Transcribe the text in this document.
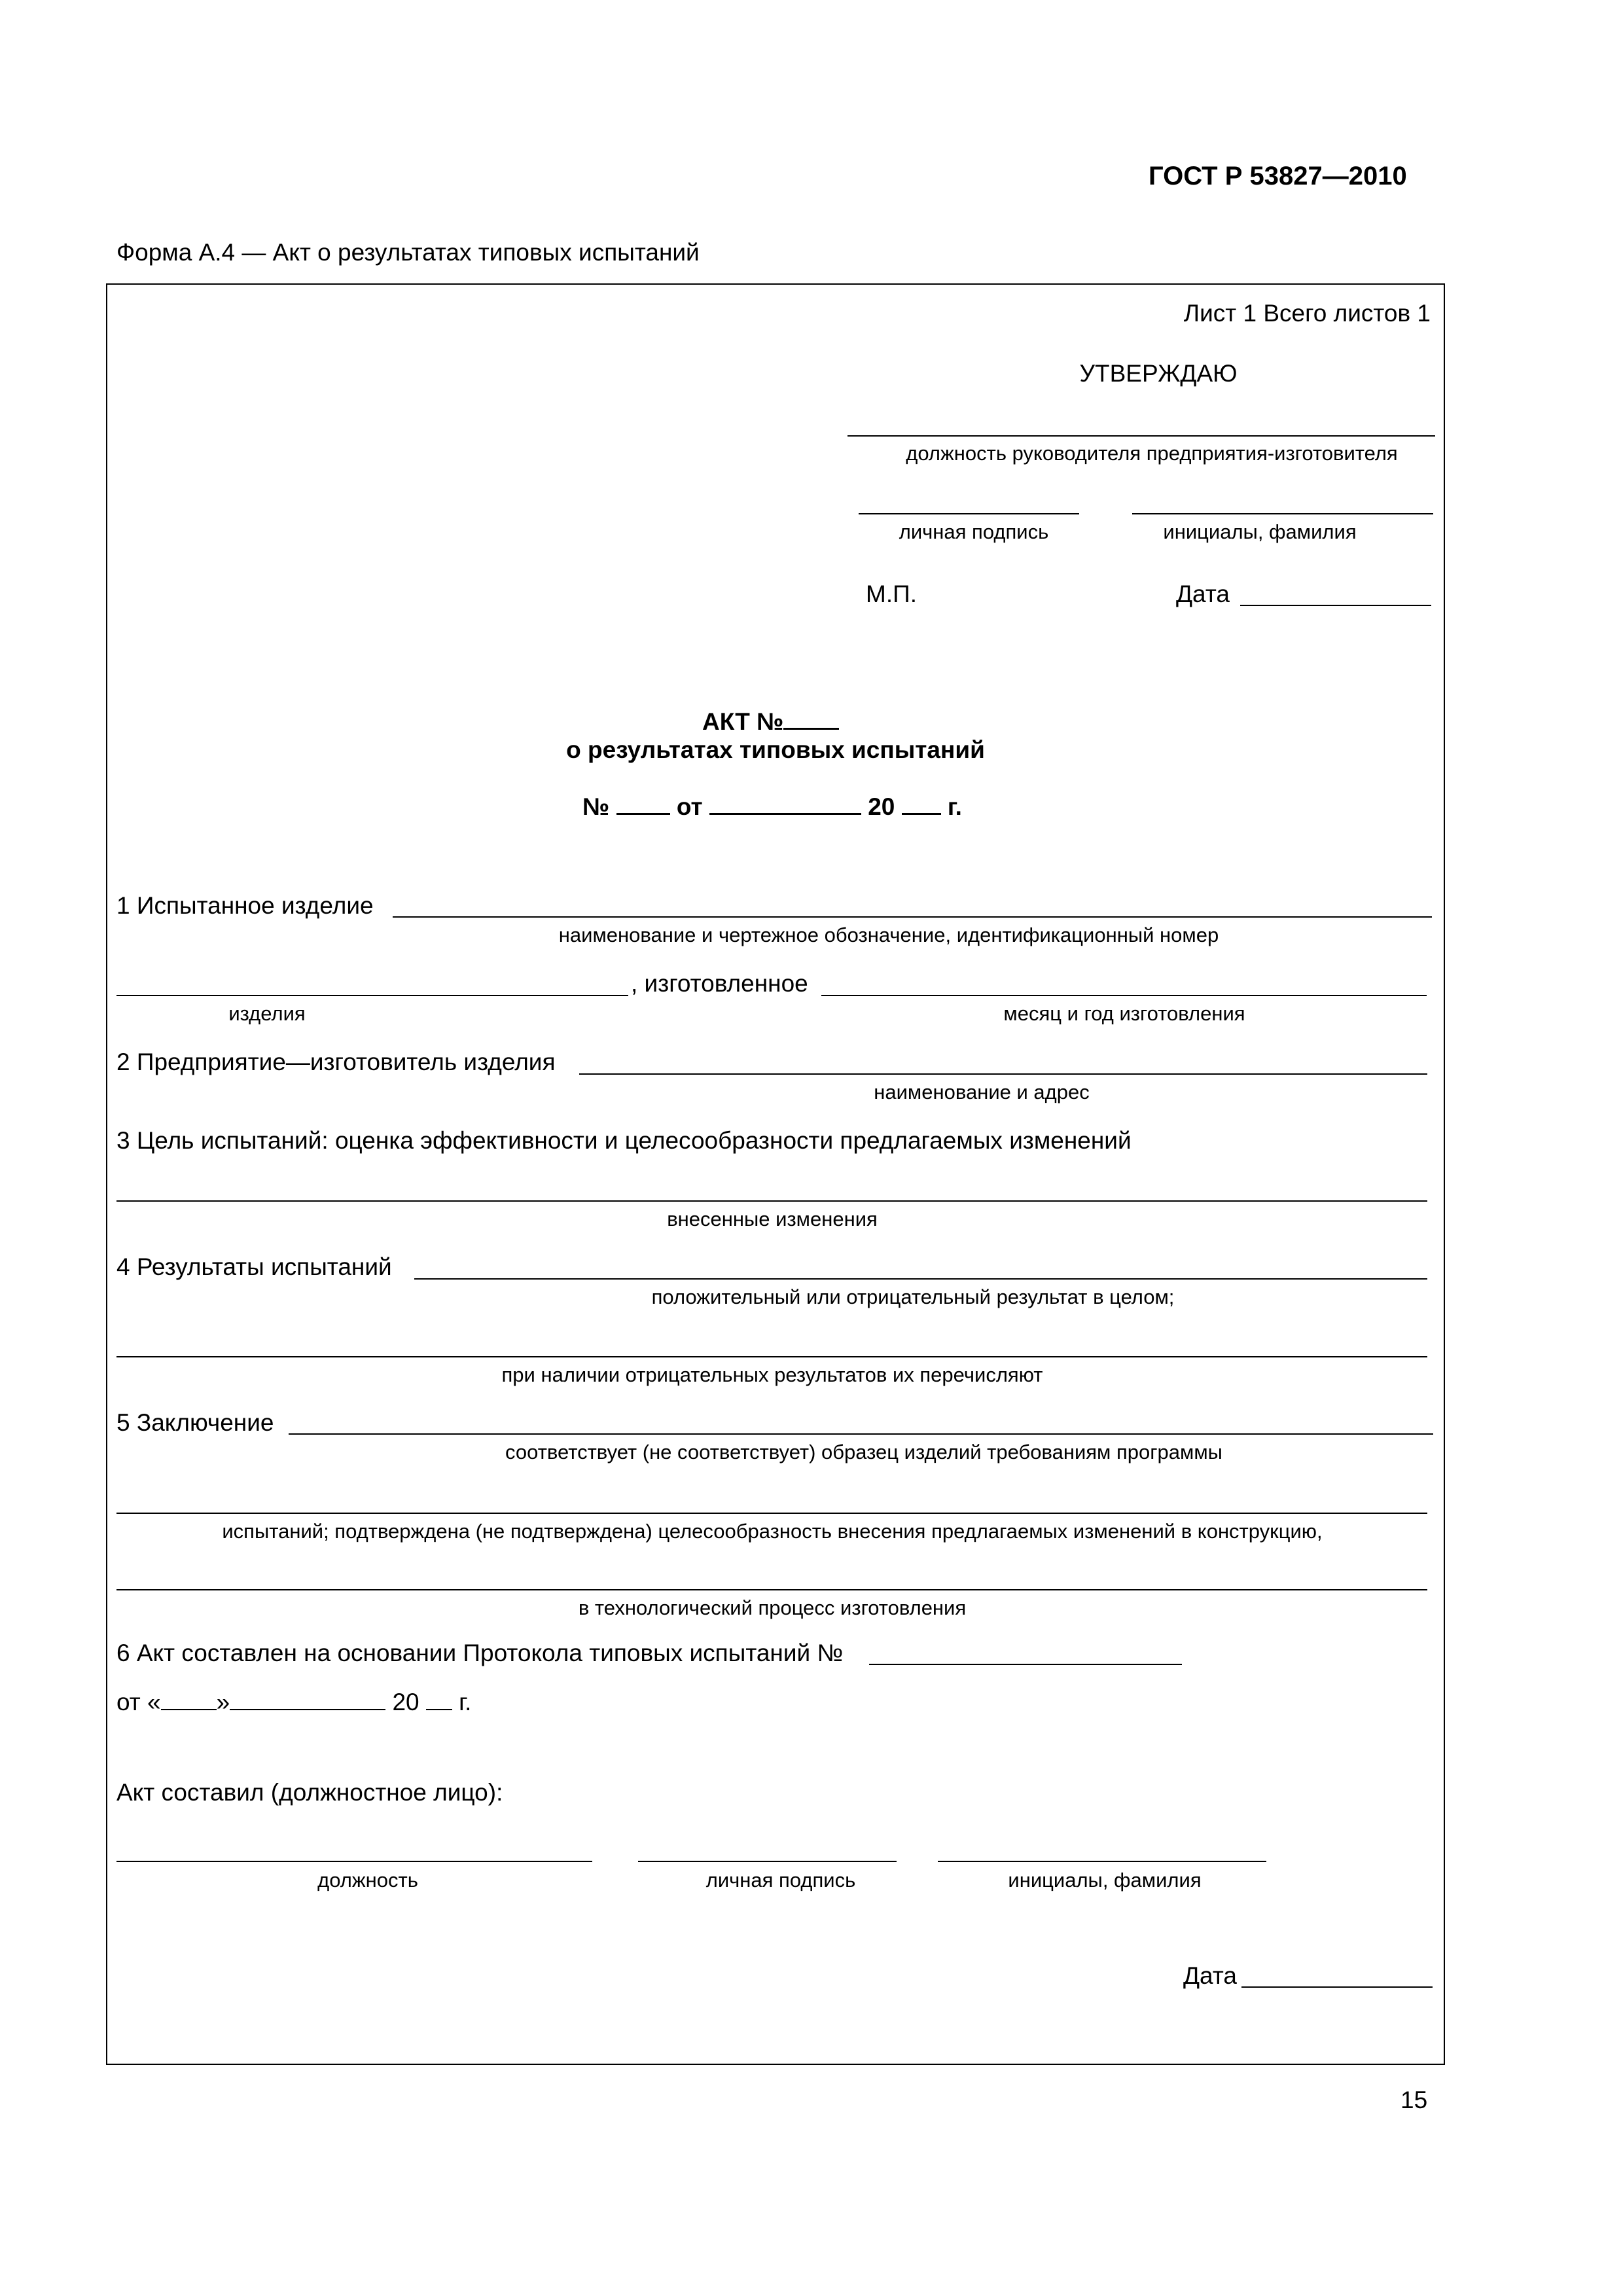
ГОСТ Р 53827—2010
Форма А.4 — Акт о результатах типовых испытаний
Лист 1 Всего листов 1
УТВЕРЖДАЮ
должность руководителя предприятия-изготовителя
личная подпись	инициалы, фамилия
М.П.	Дата
АКТ №
о результатах типовых испытаний
№	от	20 г.
1 Испытанное изделие
наименование и чертежное обозначение, идентификационный номер
, изготовленное
изделия	месяц и год изготовления
2 Предприятие—изготовитель изделия
наименование и адрес
3 Цель испытаний: оценка эффективности и целесообразности предлагаемых изменений
внесенные изменения
4 Результаты испытаний
положительный или отрицательный результат в целом;
при наличии отрицательных результатов их перечисляют
5 Заключение
соответствует (не соответствует) образец изделий требованиям программы
испытаний; подтверждена (не подтверждена) целесообразность внесения предлагаемых изменений в конструкцию,
в технологический процесс изготовления
6 Акт составлен на основании Протокола типовых испытаний №
от « »	20 г.
Акт составил (должностное лицо):
должность	личная подпись	инициалы, фамилия
Дата
15
